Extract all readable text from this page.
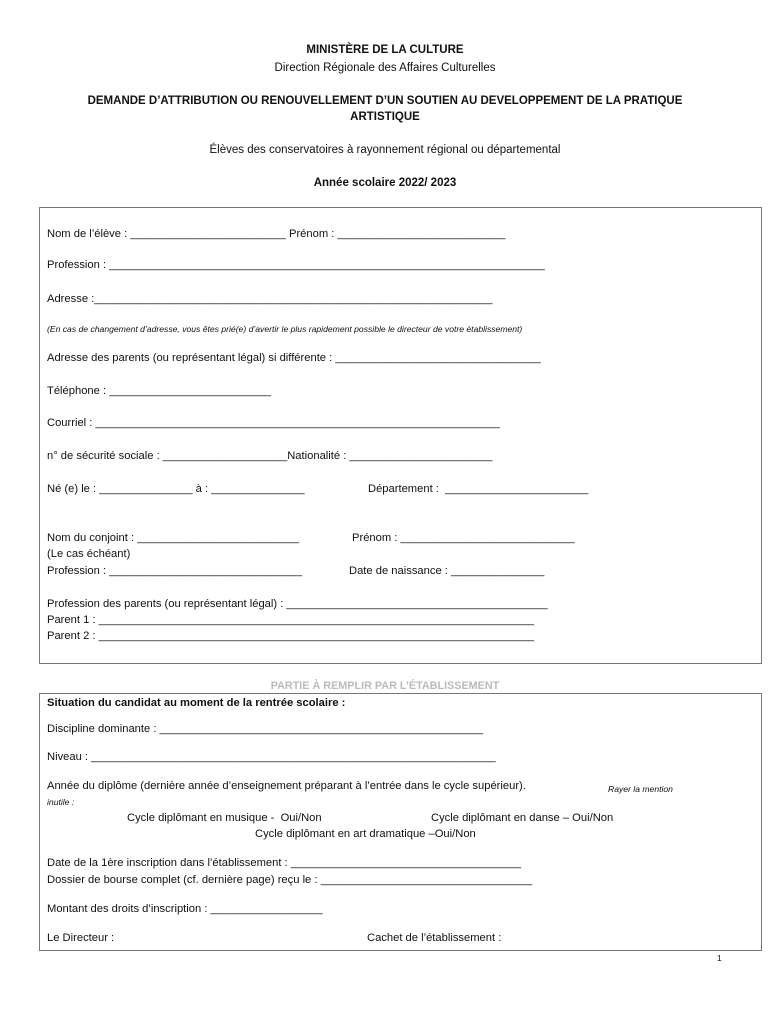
MINISTÈRE DE LA CULTURE
Direction Régionale des Affaires Culturelles
DEMANDE D’ATTRIBUTION OU RENOUVELLEMENT D’UN SOUTIEN AU DEVELOPPEMENT DE LA PRATIQUE
ARTISTIQUE
Élèves des conservatoires à rayonnement régional ou départemental
Année scolaire 2022/ 2023
Nom de l’élève : _________________________ Prénom : ___________________________
Profession : ______________________________________________________________________
Adresse :________________________________________________________________
(En cas de changement d’adresse, vous êtes prié(e) d’avertir le plus rapidement possible le directeur de votre établissement)
Adresse des parents (ou représentant légal) si différente : _________________________________
Téléphone : __________________________
Courriel : _________________________________________________________________
n° de sécurité sociale : ____________________Nationalité : _______________________
Né (e) le : _______________ à : _______________	Département :  _______________________
Nom du conjoint : __________________________	Prénom : ____________________________
(Le cas échéant)
Profession : _______________________________	Date de naissance : _______________
Profession des parents (ou représentant légal) : __________________________________________
Parent 1 : ______________________________________________________________________
Parent 2 : ______________________________________________________________________
PARTIE À REMPLIR PAR L’ÉTABLISSEMENT
Situation du candidat au moment de la rentrée scolaire :
Discipline dominante : ____________________________________________________
Niveau : _________________________________________________________________
Année du diplôme (dernière année d’enseignement préparant à l’entrée dans le cycle supérieur).	Rayer la mention
inutile :
Cycle diplômant en musique -  Oui/Non	Cycle diplômant en danse – Oui/Non
Cycle diplômant en art dramatique –Oui/Non
Date de la 1ère inscription dans l’établissement : _____________________________________
Dossier de bourse complet (cf. dernière page) reçu le : __________________________________
Montant des droits d’inscription : __________________
Le Directeur :	Cachet de l’établissement :
1
